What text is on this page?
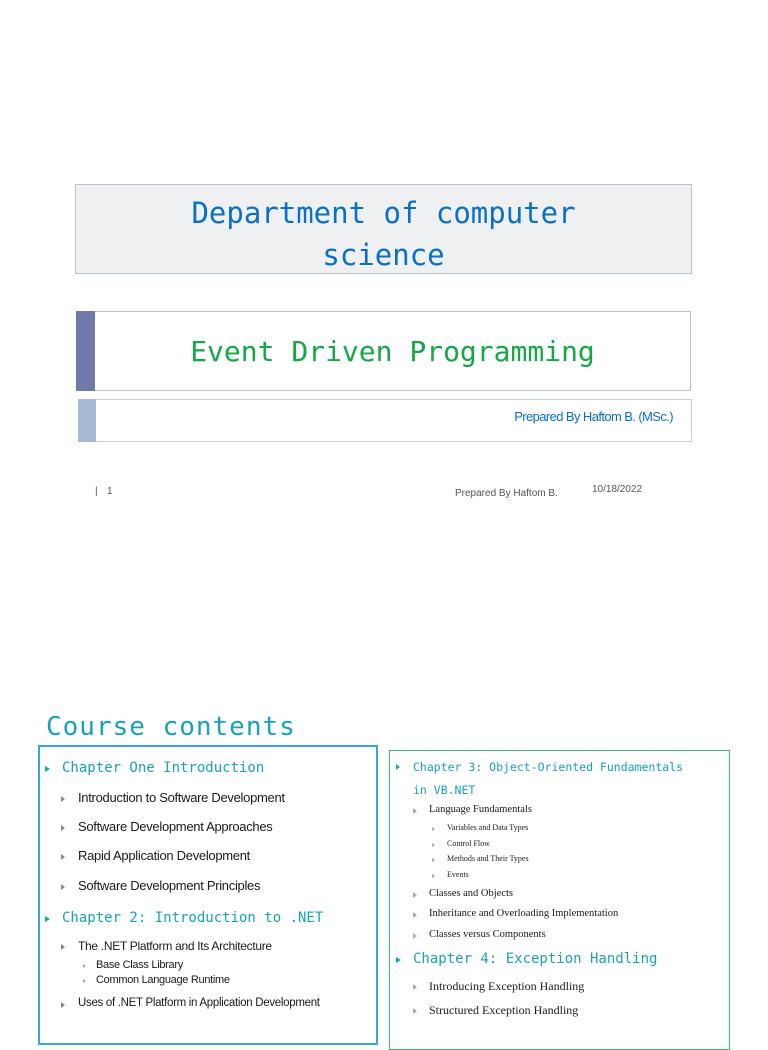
Department of computer
science
Event Driven Programming
Prepared By Haftom B. (MSc.)
| 1	Prepared By Haftom B.	10/18/2022
Course contents
Chapter One Introduction
Introduction to Software Development
Software Development Approaches
Rapid Application Development
Software Development Principles
Chapter 2: Introduction to .NET
The .NET Platform and Its Architecture
Base Class Library
Common Language Runtime
Uses of .NET Platform in Application Development
Chapter 3: Object-Oriented Fundamentals
in VB.NET
Language Fundamentals
Variables and Data Types
Control Flow
Methods and Their Types
Events
Classes and Objects
Inheritance and Overloading Implementation
Classes versus Components
Chapter 4: Exception Handling
Introducing Exception Handling
Structured Exception Handling
